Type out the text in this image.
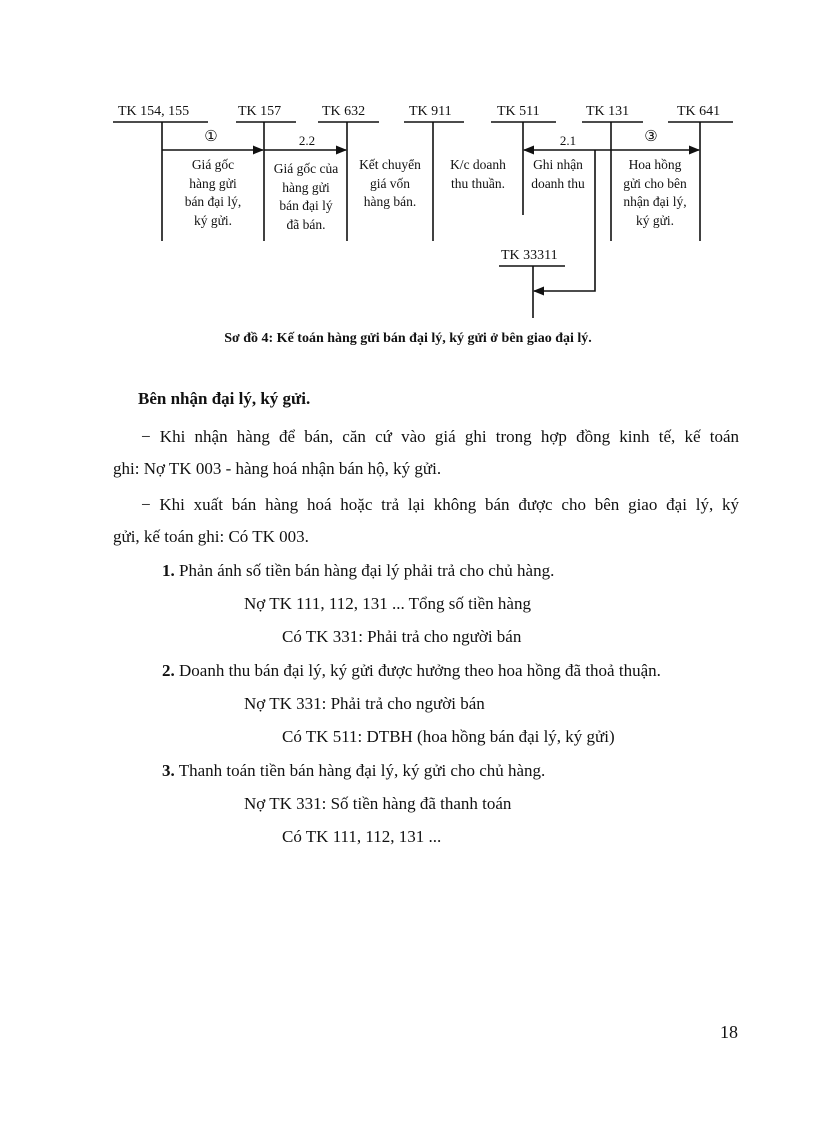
TK 154, 155	TK 157	TK 632	TK 911	TK 511	TK 131	TK 641
TK 33311
①	2.2	2.1	③
Giá gốc
hàng gửi
bán đại lý,
ký gửi.
Giá gốc của
hàng gửi
bán đại lý
đã bán.
Kết chuyển
giá vốn
hàng bán.
K/c doanh
thu thuần.
Ghi nhận
doanh thu
Hoa hồng
gửi cho bên
nhận đại lý,
ký gửi.
Sơ đồ 4: Kế toán hàng gửi bán đại lý, ký gửi ở bên giao đại lý.
Bên nhận đại lý, ký gửi.
− Khi nhận hàng để bán, căn cứ vào giá ghi trong hợp đồng kinh tế, kế toán
ghi: Nợ TK 003 - hàng hoá nhận bán hộ, ký gửi.
− Khi xuất bán hàng hoá hoặc trả lại không bán được cho bên giao đại lý, ký
gửi, kế toán ghi: Có TK 003.
1. Phản ánh số tiền bán hàng đại lý phải trả cho chủ hàng.
Nợ TK 111, 112, 131 ... Tổng số tiền hàng
Có TK 331: Phải trả cho người bán
2. Doanh thu bán đại lý, ký gửi được hưởng theo hoa hồng đã thoả thuận.
Nợ TK 331: Phải trả cho người bán
Có TK 511: DTBH (hoa hồng bán đại lý, ký gửi)
3. Thanh toán tiền bán hàng đại lý, ký gửi cho chủ hàng.
Nợ TK 331: Số tiền hàng đã thanh toán
Có TK 111, 112, 131 ...
18
